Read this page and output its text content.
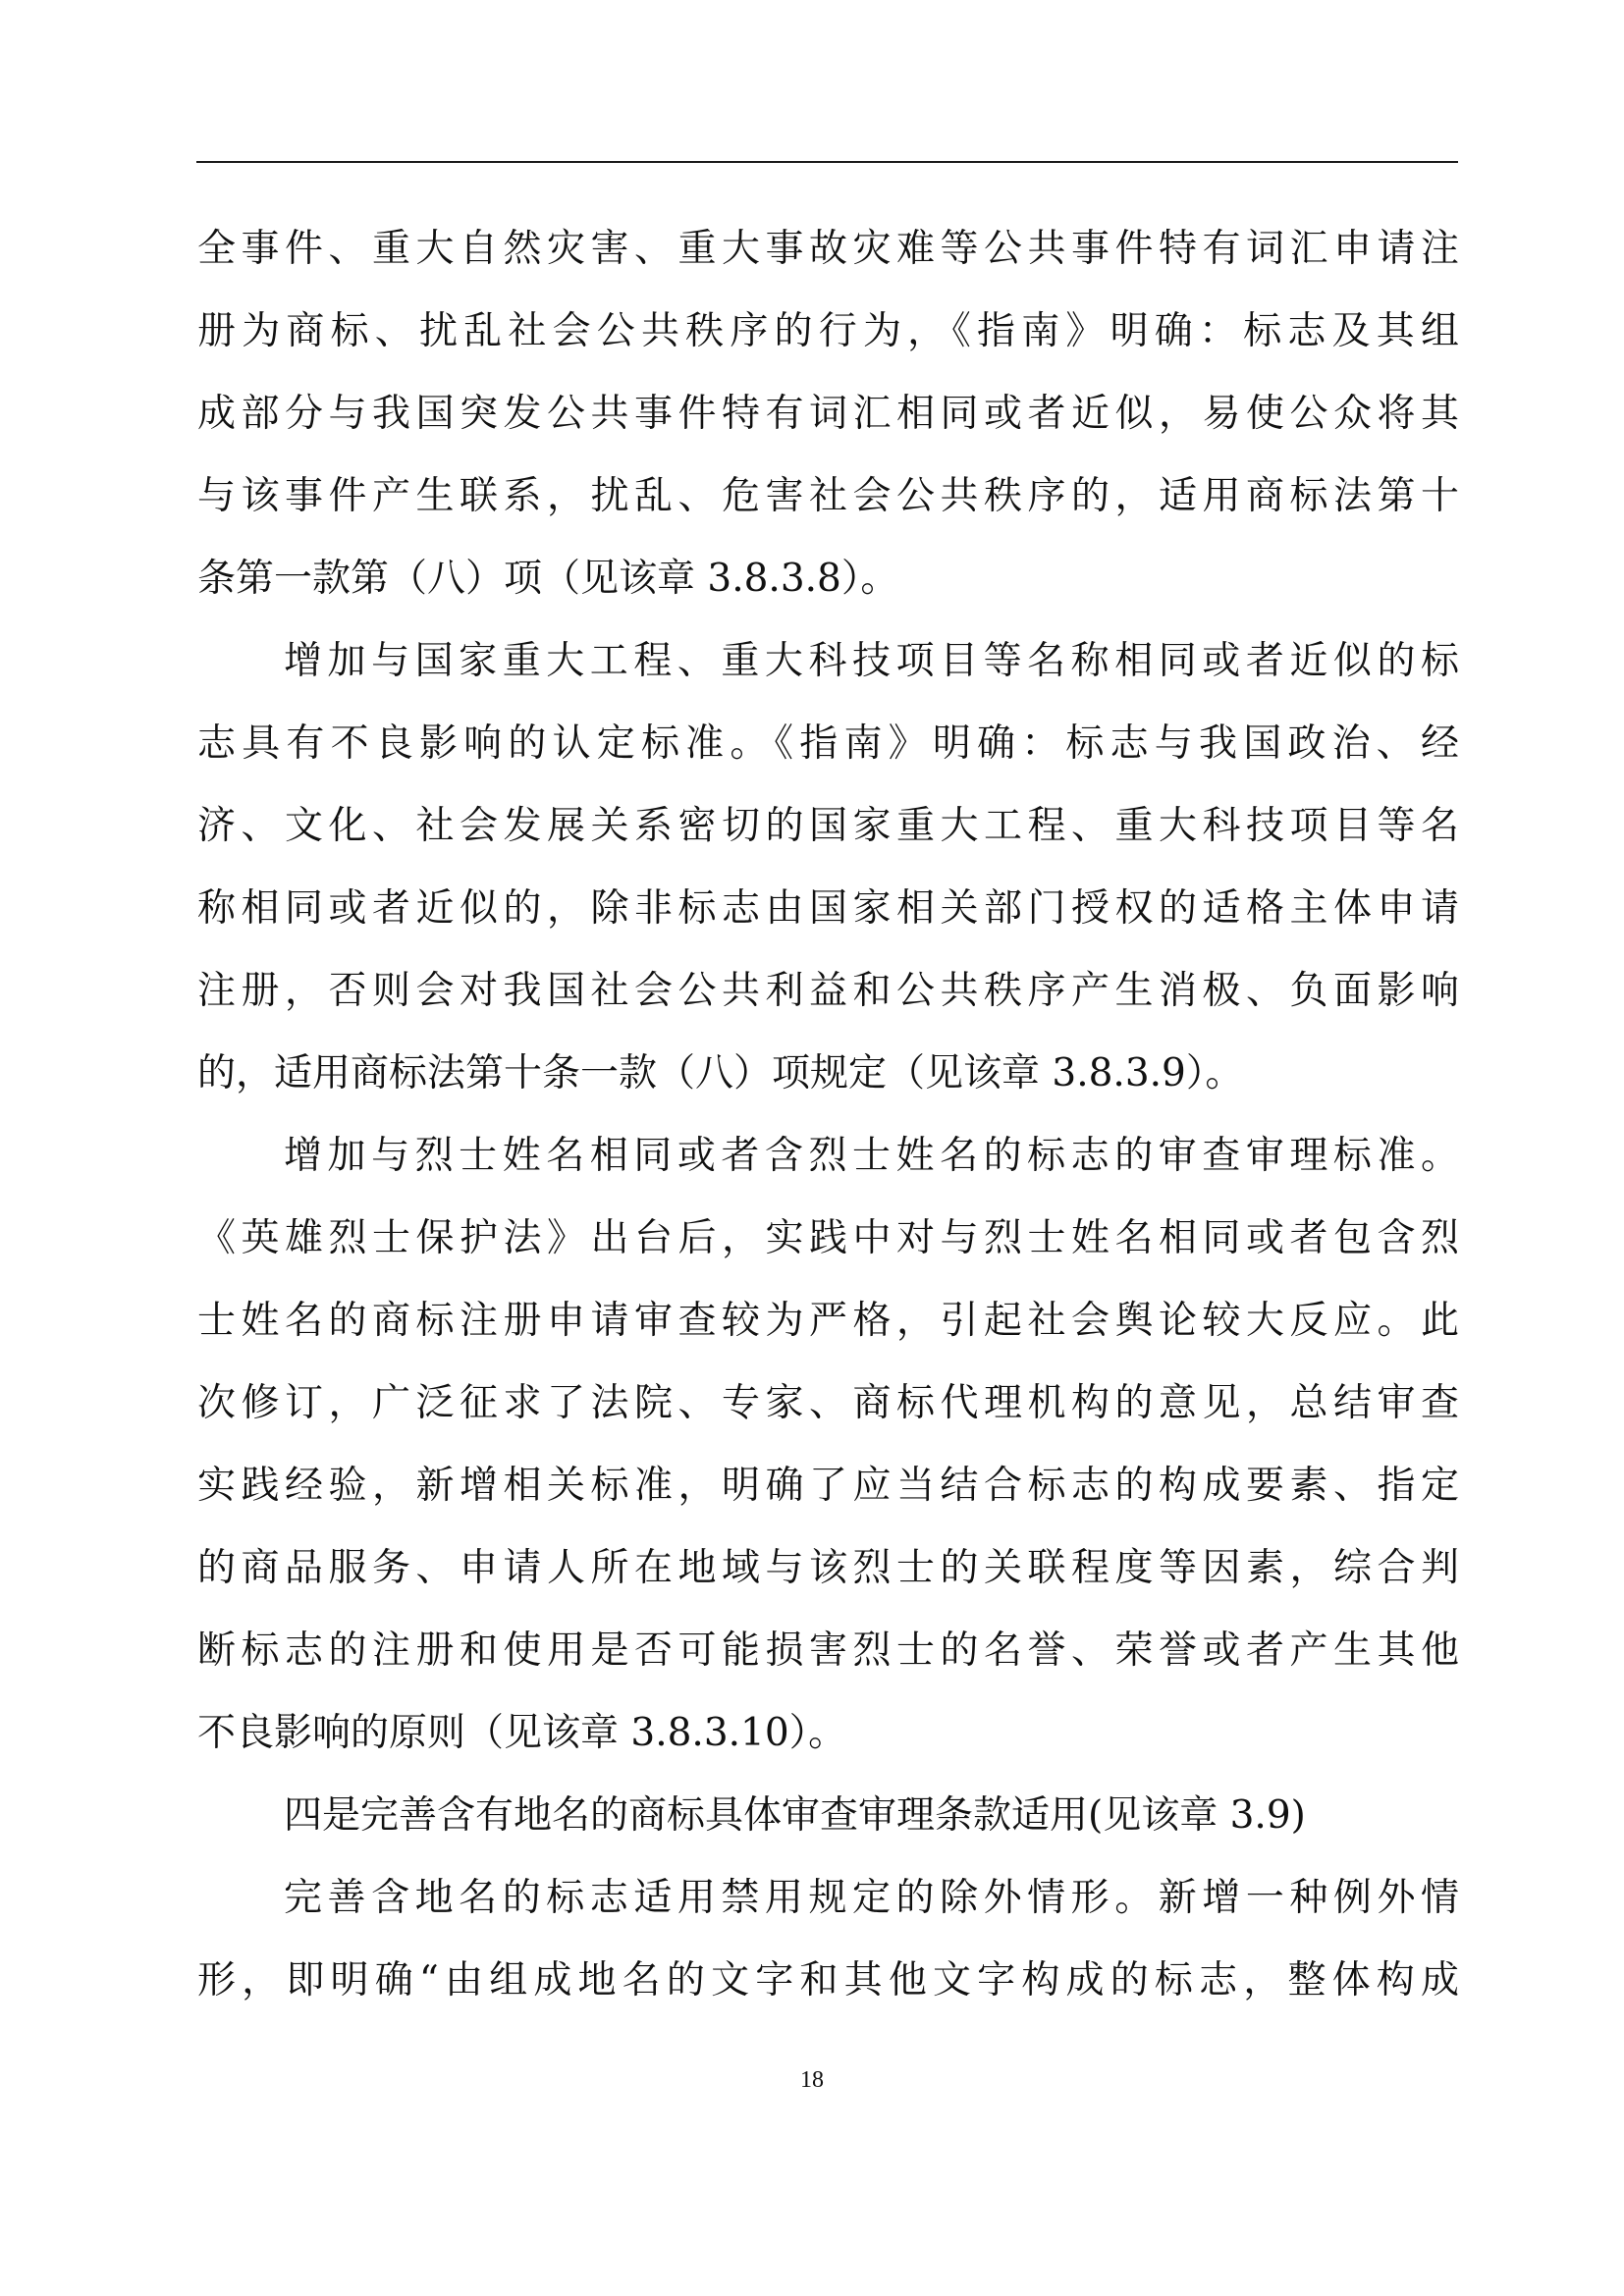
全事件、重大自然灾害、重大事故灾难等公共事件特有词汇申请注
册为商标、扰乱社会公共秩序的行为，《指南》明确：标志及其组
成部分与我国突发公共事件特有词汇相同或者近似，易使公众将其
与该事件产生联系，扰乱、危害社会公共秩序的，适用商标法第十
条第一款第（八）项（见该章 3.8.3.8）。
增加与国家重大工程、重大科技项目等名称相同或者近似的标
志具有不良影响的认定标准。《指南》明确：标志与我国政治、经
济、文化、社会发展关系密切的国家重大工程、重大科技项目等名
称相同或者近似的，除非标志由国家相关部门授权的适格主体申请
注册，否则会对我国社会公共利益和公共秩序产生消极、负面影响
的，适用商标法第十条一款（八）项规定（见该章 3.8.3.9）。
增加与烈士姓名相同或者含烈士姓名的标志的审查审理标准。
《英雄烈士保护法》出台后，实践中对与烈士姓名相同或者包含烈
士姓名的商标注册申请审查较为严格，引起社会舆论较大反应。此
次修订，广泛征求了法院、专家、商标代理机构的意见，总结审查
实践经验，新增相关标准，明确了应当结合标志的构成要素、指定
的商品服务、申请人所在地域与该烈士的关联程度等因素，综合判
断标志的注册和使用是否可能损害烈士的名誉、荣誉或者产生其他
不良影响的原则（见该章 3.8.3.10）。
四是完善含有地名的商标具体审查审理条款适用(见该章 3.9)
完善含地名的标志适用禁用规定的除外情形。新增一种例外情
形，即明确“由组成地名的文字和其他文字构成的标志，整体构成
18
